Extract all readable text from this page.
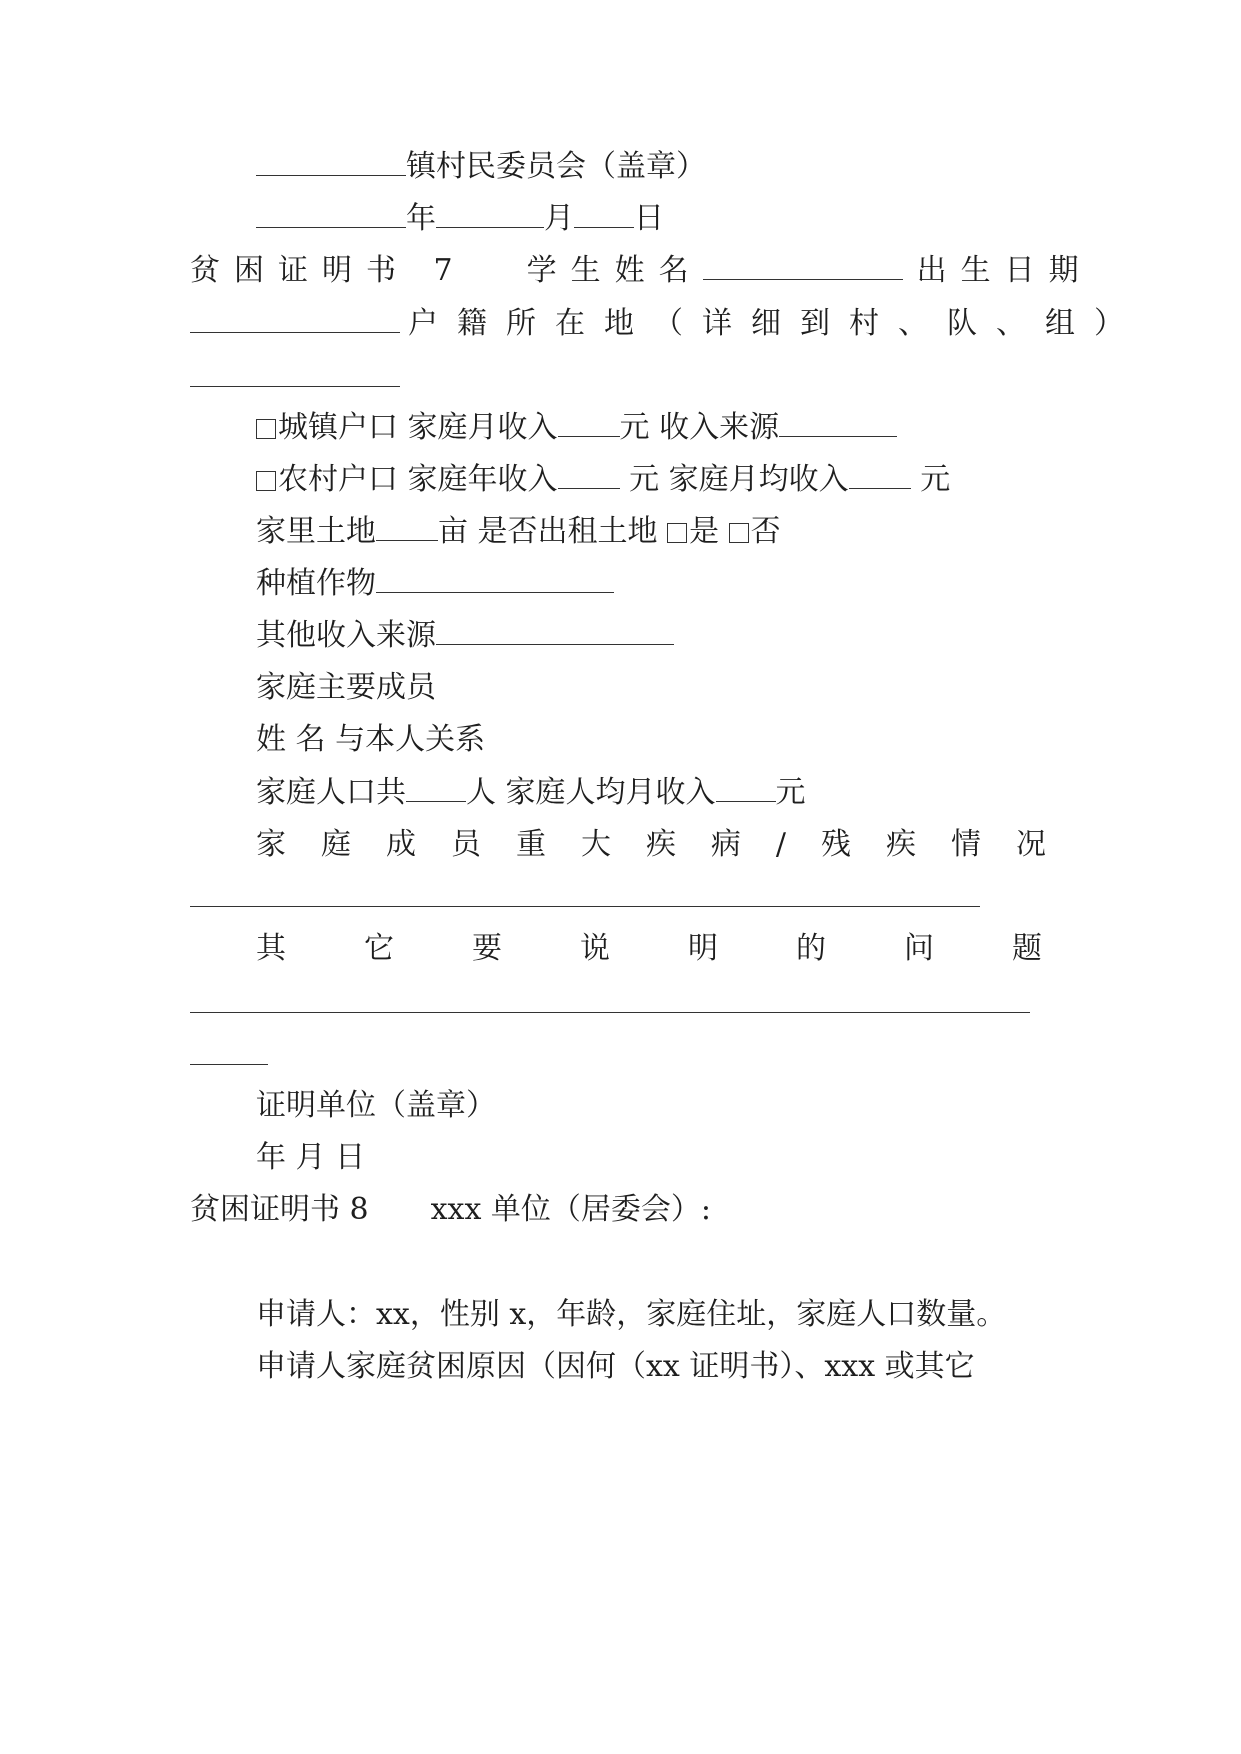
镇村民委员会（盖章）
年	月 日
贫困证明书 7 学生姓名	出生日期
户籍所在地（详细到村、队、组）
城镇户口 家庭月收入 元 收入来源
农村户口 家庭年收入 元 家庭月均收入 元
家里土地 亩 是否出租土地 是 否
种植作物
其他收入来源
家庭主要成员
姓 名 与本人关系
家庭人口共 人 家庭人均月收入 元
家庭成员重大疾病/残疾情况
其它要说明的问题
证明单位（盖章）
年 月 日
贫困证明书 8 xxx 单位（居委会）:
申请人：xx，性别 x，年龄，家庭住址，家庭人口数量。
申请人家庭贫困原因（因何（xx 证明书）、xxx 或其它
